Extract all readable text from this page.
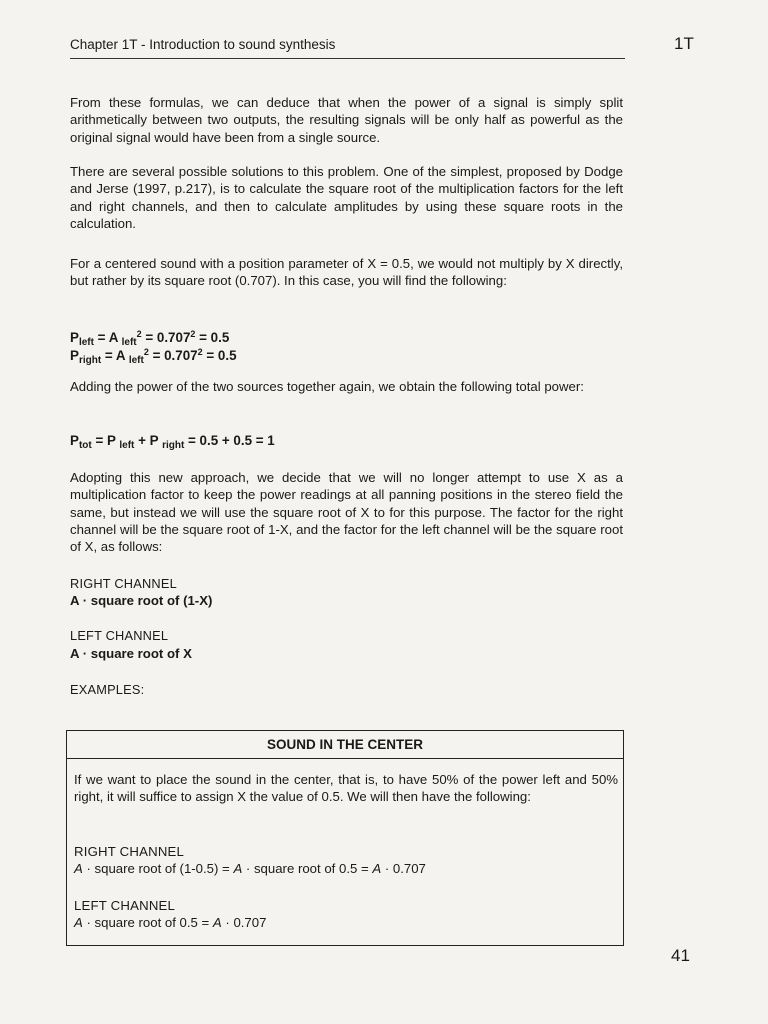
Chapter 1T - Introduction to sound synthesis	1T

From these formulas, we can deduce that when the power of a signal is simply split arithmetically between two outputs, the resulting signals will be only half as powerful as the original signal would have been from a single source.

There are several possible solutions to this problem. One of the simplest, proposed by Dodge and Jerse (1997, p.217), is to calculate the square root of the multiplication factors for the left and right channels, and then to calculate amplitudes by using these square roots in the calculation.

For a centered sound with a position parameter of X = 0.5, we would not multiply by X directly, but rather by its square root (0.707). In this case, you will find the following:

$P_{left} = A$ $_{left}^2 = 0.707^2 = 0.5$
$P_{right} = A$ $_{left}^2 = 0.707^2 = 0.5$

Adding the power of the two sources together again, we obtain the following total power:

$P_{tot} = P$ $_{left}$ + P $_{right}$ = 0.5 + 0.5 = 1

Adopting this new approach, we decide that we will no longer attempt to use X as a multiplication factor to keep the power readings at all panning positions in the stereo field the same, but instead we will use the square root of X to for this purpose. The factor for the right channel will be the square root of 1-X, and the factor for the left channel will be the square root of X, as follows:

RIGHT CHANNEL
A · square root of (1-X)
LEFT CHANNEL
A · square root of X
EXAMPLES:
SOUND IN THE CENTER
If we want to place the sound in the center, that is, to have 50% of the power left and 50% right, it will suffice to assign X the value of 0.5. We will then have the following:
RIGHT CHANNEL
A · square root of (1-0.5) = A · square root of 0.5 = A · 0.707
LEFT CHANNEL
A · square root of 0.5 = A · 0.707
41
